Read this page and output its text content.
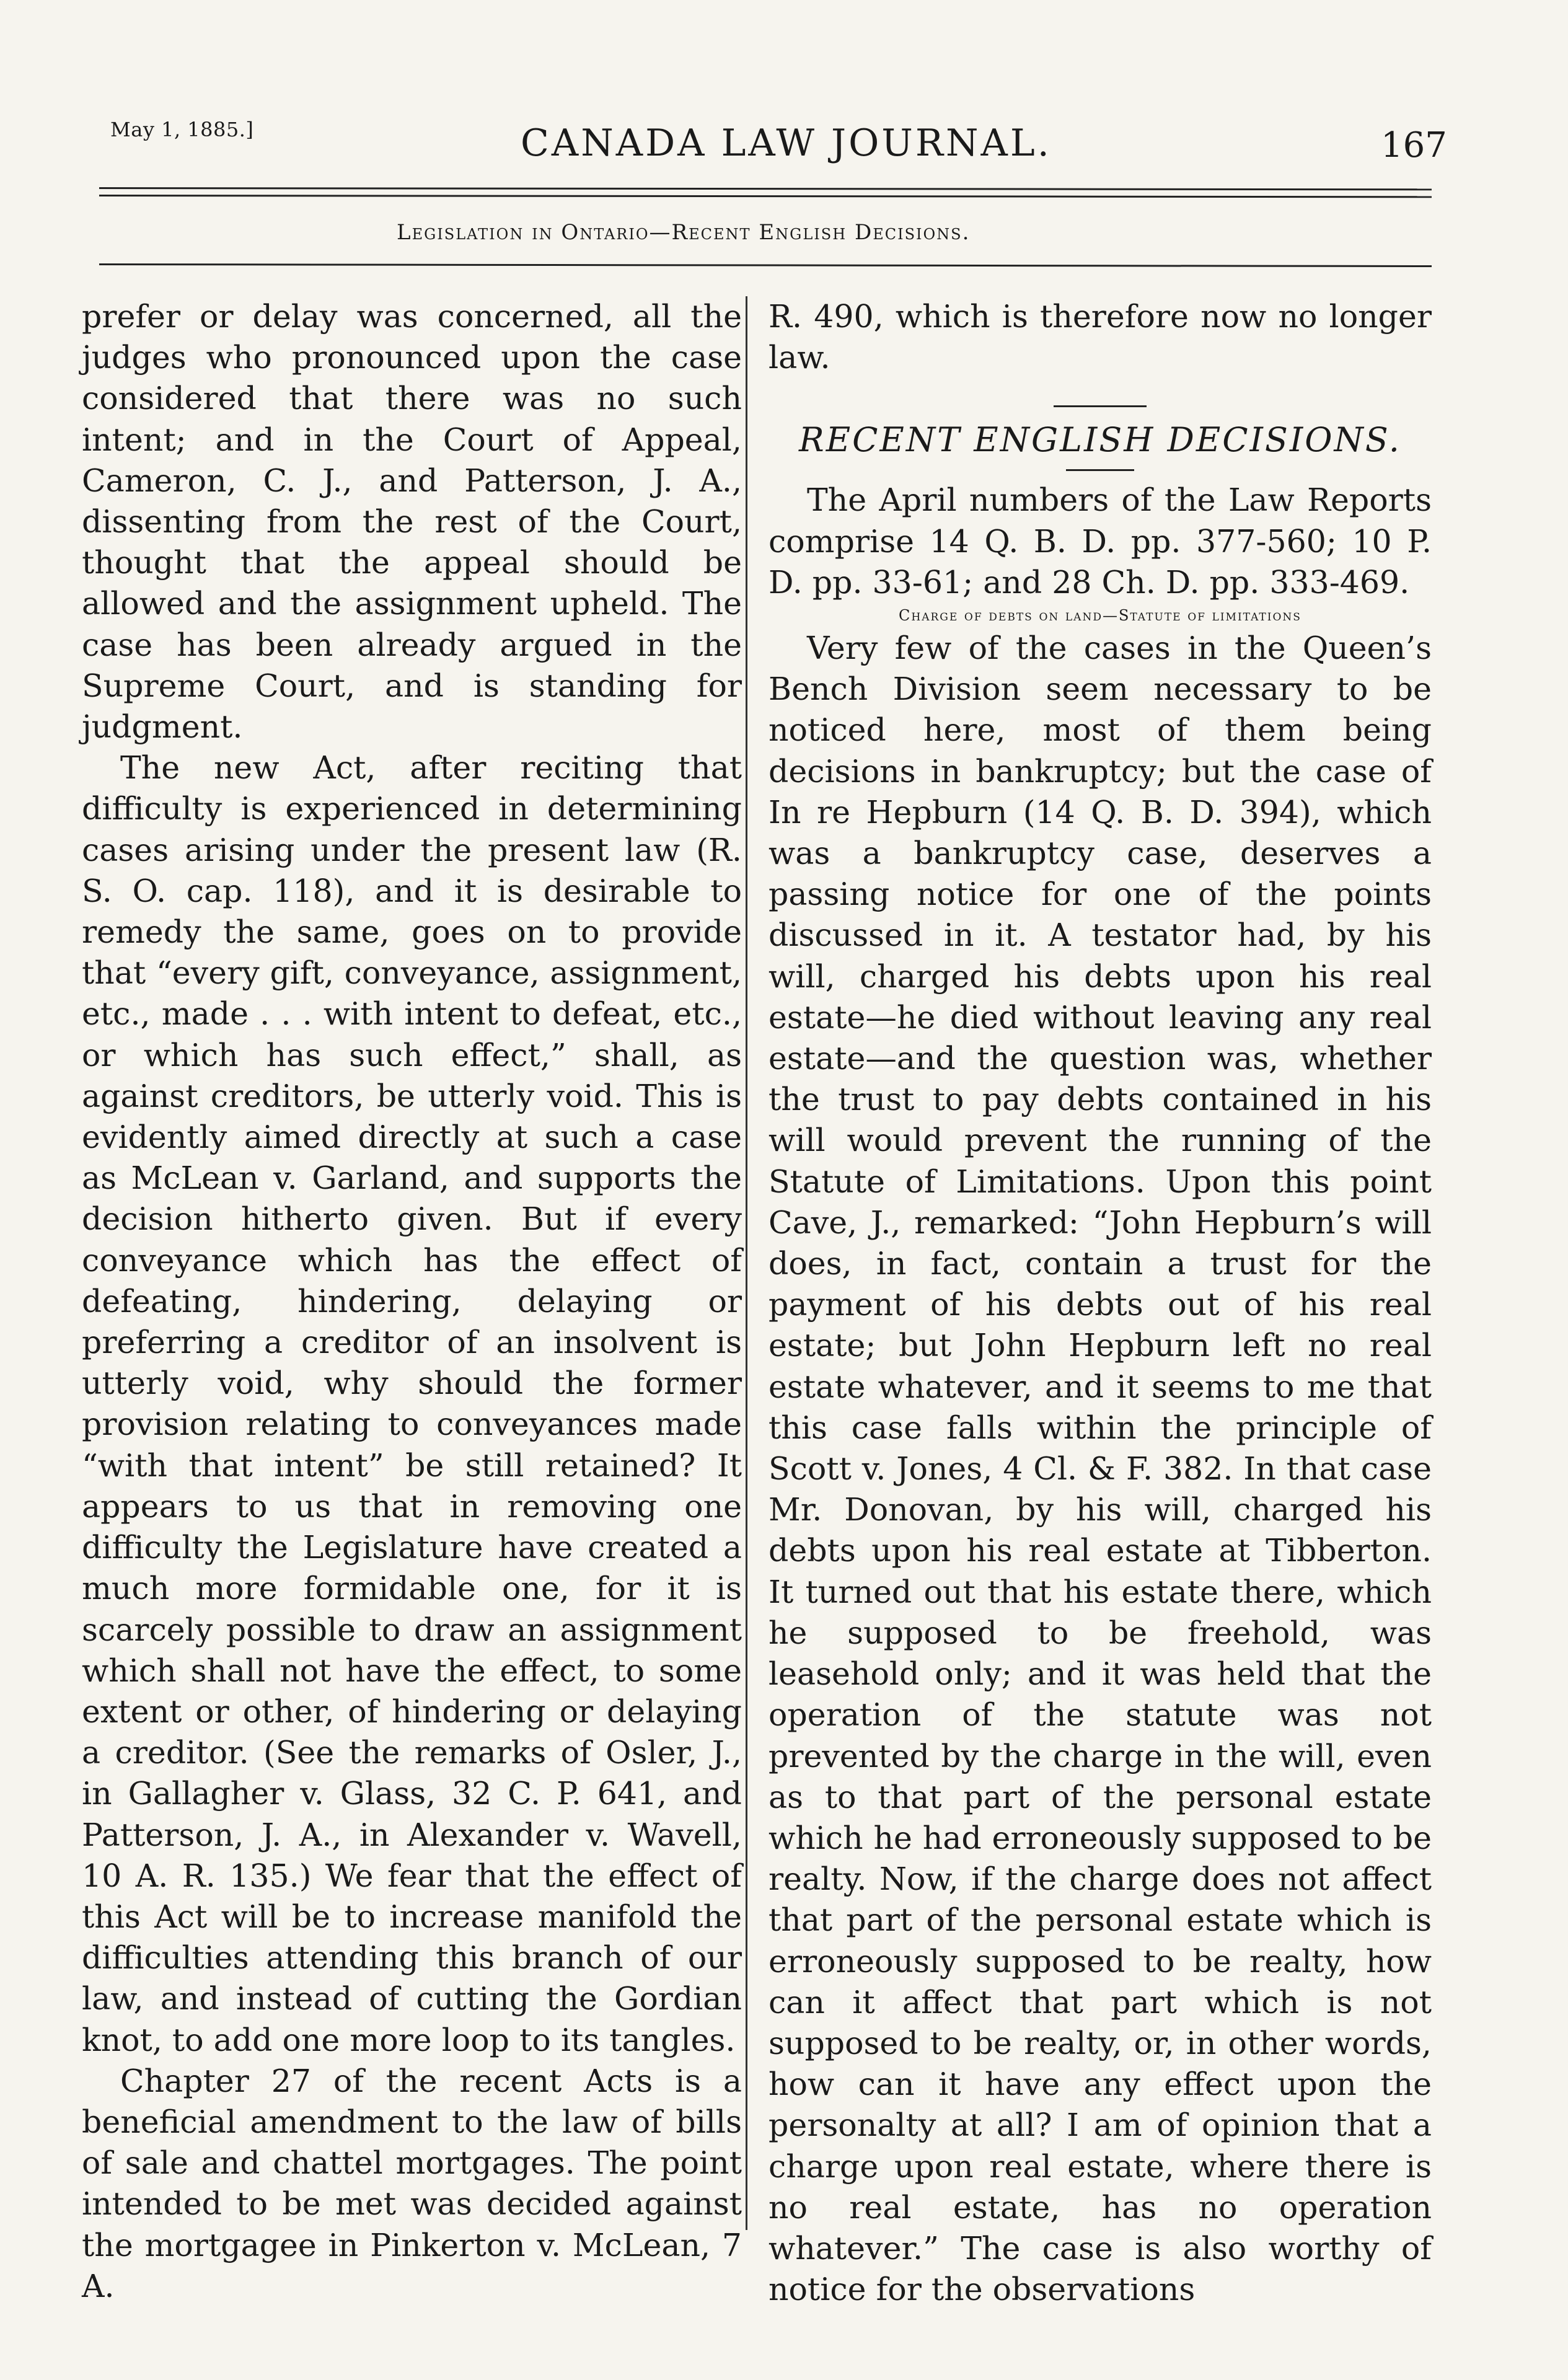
May 1, 1885.]	CANADA LAW JOURNAL.	167
Legislation in Ontario—Recent English Decisions.

prefer or delay was concerned, all the judges who pronounced upon the case considered that there was no such intent; and in the Court of Appeal, Cameron, C. J., and Patterson, J. A., dissenting from the rest of the Court, thought that the appeal should be allowed and the assignment upheld. The case has been already argued in the Supreme Court, and is standing for judgment.

The new Act, after reciting that difficulty is experienced in determining cases arising under the present law (R. S. O. cap. 118), and it is desirable to remedy the same, goes on to provide that “every gift, conveyance, assignment, etc., made . . . with intent to defeat, etc., or which has such effect,” shall, as against creditors, be utterly void. This is evidently aimed directly at such a case as McLean v. Garland, and supports the decision hitherto given. But if every conveyance which has the effect of defeating, hindering, delaying or preferring a creditor of an insolvent is utterly void, why should the former provision relating to conveyances made “with that intent” be still retained? It appears to us that in removing one difficulty the Legislature have created a much more formidable one, for it is scarcely possible to draw an assignment which shall not have the effect, to some extent or other, of hindering or delaying a creditor. (See the remarks of Osler, J., in Gallagher v. Glass, 32 C. P. 641, and Patterson, J. A., in Alexander v. Wavell, 10 A. R. 135.) We fear that the effect of this Act will be to increase manifold the difficulties attending this branch of our law, and instead of cutting the Gordian knot, to add one more loop to its tangles.

Chapter 27 of the recent Acts is a beneficial amendment to the law of bills of sale and chattel mortgages. The point intended to be met was decided against the mortgagee in Pinkerton v. McLean, 7 A.

R. 490, which is therefore now no longer law.

RECENT ENGLISH DECISIONS.

The April numbers of the Law Reports comprise 14 Q. B. D. pp. 377-560; 10 P. D. pp. 33-61; and 28 Ch. D. pp. 333-469.

Charge of debts on land—Statute of limitations

Very few of the cases in the Queen’s Bench Division seem necessary to be noticed here, most of them being decisions in bankruptcy; but the case of In re Hepburn (14 Q. B. D. 394), which was a bankruptcy case, deserves a passing notice for one of the points discussed in it. A testator had, by his will, charged his debts upon his real estate—he died without leaving any real estate—and the question was, whether the trust to pay debts contained in his will would prevent the running of the Statute of Limitations. Upon this point Cave, J., remarked: “John Hepburn’s will does, in fact, contain a trust for the payment of his debts out of his real estate; but John Hepburn left no real estate whatever, and it seems to me that this case falls within the principle of Scott v. Jones, 4 Cl. & F. 382. In that case Mr. Donovan, by his will, charged his debts upon his real estate at Tibberton. It turned out that his estate there, which he supposed to be freehold, was leasehold only; and it was held that the operation of the statute was not prevented by the charge in the will, even as to that part of the personal estate which he had erroneously supposed to be realty. Now, if the charge does not affect that part of the personal estate which is erroneously supposed to be realty, how can it affect that part which is not supposed to be realty, or, in other words, how can it have any effect upon the personalty at all? I am of opinion that a charge upon real estate, where there is no real estate, has no operation whatever.” The case is also worthy of notice for the observations
